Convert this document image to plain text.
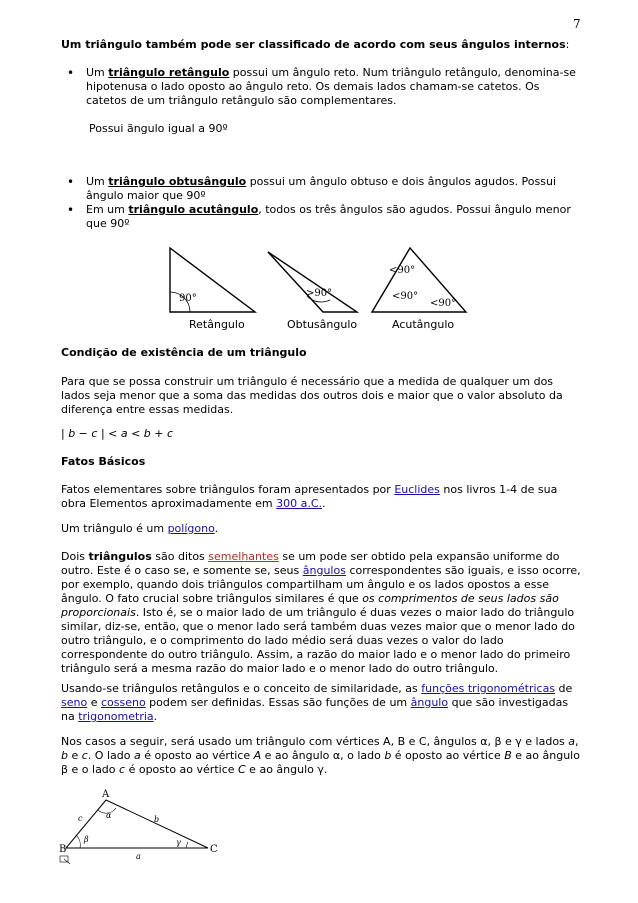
7

Um triângulo também pode ser classificado de acordo com seus ângulos internos:

• Um triângulo retângulo possui um ângulo reto. Num triângulo retângulo, denomina-se hipotenusa o lado oposto ao ângulo reto. Os demais lados chamam-se catetos. Os catetos de um triângulo retângulo são complementares.

Possui ãngulo igual a 90º

• Um triângulo obtusângulo possui um ângulo obtuso e dois ângulos agudos. Possui ângulo maior que 90º

• Em um triângulo acutângulo, todos os três ângulos são agudos. Possui ângulo menor que 90º

90°	>90°
<90°
<90°
<90°
Retângulo	Obtusângulo	Acutângulo

Condição de existência de um triângulo

Para que se possa construir um triângulo é necessário que a medida de qualquer um dos lados seja menor que a soma das medidas dos outros dois e maior que o valor absoluto da diferença entre essas medidas.

| b − c | < a < b + c

Fatos Básicos

Fatos elementares sobre triângulos foram apresentados por Euclides nos livros 1-4 de sua obra Elementos aproximadamente em 300 a.C..

Um triângulo é um polígono.

Dois triângulos são ditos semelhantes se um pode ser obtido pela expansão uniforme do outro. Este é o caso se, e somente se, seus ângulos correspondentes são iguais, e isso ocorre, por exemplo, quando dois triângulos compartilham um ângulo e os lados opostos a esse ângulo. O fato crucial sobre triângulos similares é que os comprimentos de seus lados são proporcionais. Isto é, se o maior lado de um triângulo é duas vezes o maior lado do triângulo similar, diz-se, então, que o menor lado será também duas vezes maior que o menor lado do outro triângulo, e o comprimento do lado médio será duas vezes o valor do lado correspondente do outro triângulo. Assim, a razão do maior lado e o menor lado do primeiro triângulo será a mesma razão do maior lado e o menor lado do outro triângulo.

Usando-se triângulos retângulos e o conceito de similaridade, as funções trigonométricas de seno e cosseno podem ser definidas. Essas são funções de um ângulo que são investigadas na trigonometria.

Nos casos a seguir, será usado um triângulo com vértices A, B e C, ângulos α, β e γ e lados a, b e c. O lado a é oposto ao vértice A e ao ângulo α, o lado b é oposto ao vértice B e ao ângulo β e o lado c é oposto ao vértice C e ao ângulo γ.

A
B	C
a
b
c	α
β	γ
